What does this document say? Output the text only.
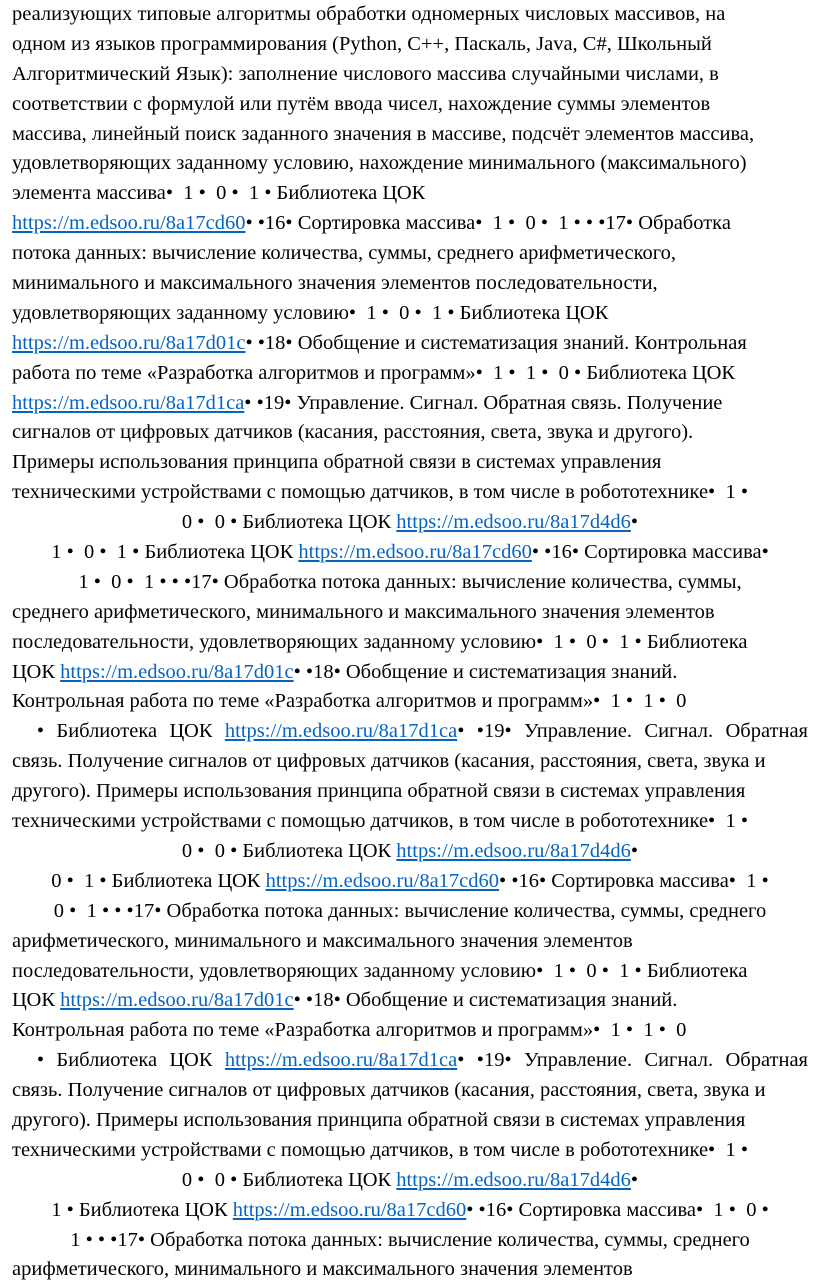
реализующих типовые алгоритмы обработки одномерных числовых массивов, на
одном из языков программирования (Python, C++, Паскаль, Java, C#, Школьный
Алгоритмический Язык): заполнение числового массива случайными числами, в
соответствии с формулой или путём ввода чисел, нахождение суммы элементов
массива, линейный поиск заданного значения в массиве, подсчёт элементов массива,
удовлетворяющих заданному условию, нахождение минимального (максимального)
элемента массива•  1 •  0 •  1 • Библиотека ЦОК
https://m.edsoo.ru/8a17cd60• •16• Сортировка массива•  1 •  0 •  1 • • •17• Обработка
потока данных: вычисление количества, суммы, среднего арифметического,
минимального и максимального значения элементов последовательности,
удовлетворяющих заданному условию•  1 •  0 •  1 • Библиотека ЦОК
https://m.edsoo.ru/8a17d01c• •18• Обобщение и систематизация знаний. Контрольная
работа по теме «Разработка алгоритмов и программ»•  1 •  1 •  0 • Библиотека ЦОК
https://m.edsoo.ru/8a17d1ca• •19• Управление. Сигнал. Обратная связь. Получение
сигналов от цифровых датчиков (касания, расстояния, света, звука и другого).
Примеры использования принципа обратной связи в системах управления
техническими устройствами с помощью датчиков, в том числе в робототехнике•  1 •
0 •  0 • Библиотека ЦОК https://m.edsoo.ru/8a17d4d6•
1 •  0 •  1 • Библиотека ЦОК https://m.edsoo.ru/8a17cd60• •16• Сортировка массива•
1 •  0 •  1 • • •17• Обработка потока данных: вычисление количества, суммы,
среднего арифметического, минимального и максимального значения элементов
последовательности, удовлетворяющих заданному условию•  1 •  0 •  1 • Библиотека
ЦОК https://m.edsoo.ru/8a17d01c• •18• Обобщение и систематизация знаний.
Контрольная работа по теме «Разработка алгоритмов и программ»•  1 •  1 •  0
• Библиотека ЦОК https://m.edsoo.ru/8a17d1ca• •19• Управление. Сигнал. Обратная
связь. Получение сигналов от цифровых датчиков (касания, расстояния, света, звука и
другого). Примеры использования принципа обратной связи в системах управления
техническими устройствами с помощью датчиков, в том числе в робототехнике•  1 •
0 •  0 • Библиотека ЦОК https://m.edsoo.ru/8a17d4d6•
0 •  1 • Библиотека ЦОК https://m.edsoo.ru/8a17cd60• •16• Сортировка массива•  1 •
0 •  1 • • •17• Обработка потока данных: вычисление количества, суммы, среднего
арифметического, минимального и максимального значения элементов
последовательности, удовлетворяющих заданному условию•  1 •  0 •  1 • Библиотека
ЦОК https://m.edsoo.ru/8a17d01c• •18• Обобщение и систематизация знаний.
Контрольная работа по теме «Разработка алгоритмов и программ»•  1 •  1 •  0
• Библиотека ЦОК https://m.edsoo.ru/8a17d1ca• •19• Управление. Сигнал. Обратная
связь. Получение сигналов от цифровых датчиков (касания, расстояния, света, звука и
другого). Примеры использования принципа обратной связи в системах управления
техническими устройствами с помощью датчиков, в том числе в робототехнике•  1 •
0 •  0 • Библиотека ЦОК https://m.edsoo.ru/8a17d4d6•
1 • Библиотека ЦОК https://m.edsoo.ru/8a17cd60• •16• Сортировка массива•  1 •  0 •
1 • • •17• Обработка потока данных: вычисление количества, суммы, среднего
арифметического, минимального и максимального значения элементов
